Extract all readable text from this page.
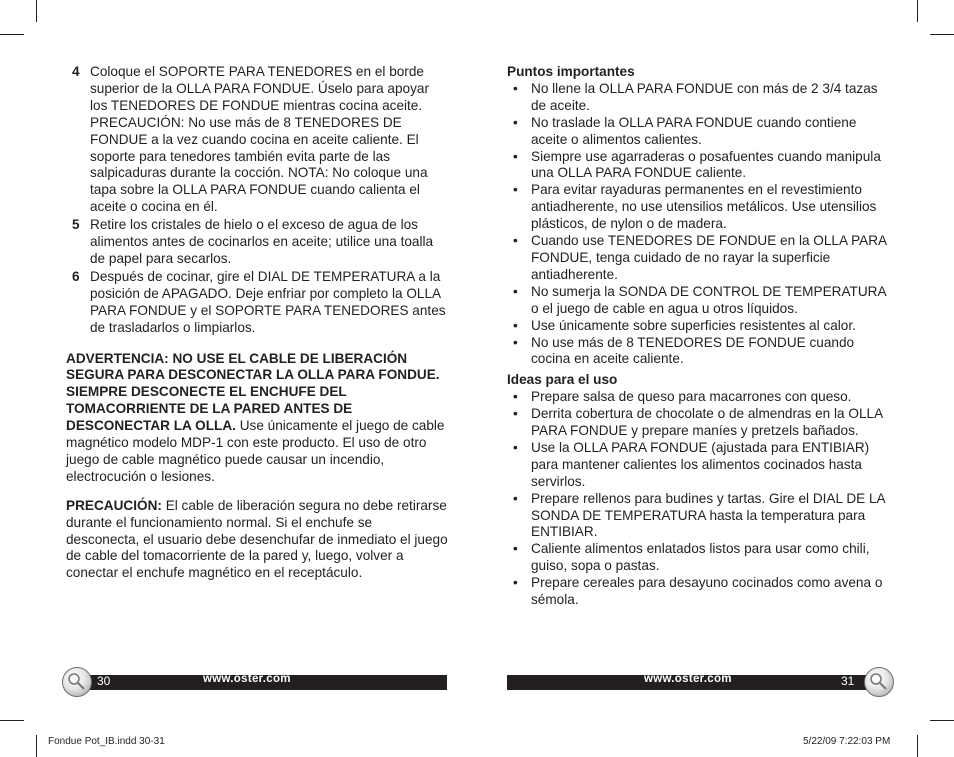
4 Coloque el SOPORTE PARA TENEDORES en el borde superior de la OLLA PARA FONDUE. Úselo para apoyar los TENEDORES DE FONDUE mientras cocina aceite. PRECAUCIÓN: No use más de 8 TENEDORES DE FONDUE a la vez cuando cocina en aceite caliente. El soporte para tenedores también evita parte de las salpicaduras durante la cocción. NOTA: No coloque una tapa sobre la OLLA PARA FONDUE cuando calienta el aceite o cocina en él.
5 Retire los cristales de hielo o el exceso de agua de los alimentos antes de cocinarlos en aceite; utilice una toalla de papel para secarlos.
6 Después de cocinar, gire el DIAL DE TEMPERATURA a la posición de APAGADO. Deje enfriar por completo la OLLA PARA FONDUE y el SOPORTE PARA TENEDORES antes de trasladarlos o limpiarlos.
ADVERTENCIA: NO USE EL CABLE DE LIBERACIÓN SEGURA PARA DESCONECTAR LA OLLA PARA FONDUE. SIEMPRE DESCONECTE EL ENCHUFE DEL TOMACORRIENTE DE LA PARED ANTES DE DESCONECTAR LA OLLA. Use únicamente el juego de cable magnético modelo MDP-1 con este producto. El uso de otro juego de cable magnético puede causar un incendio, electrocución o lesiones.
PRECAUCIÓN: El cable de liberación segura no debe retirarse durante el funcionamiento normal. Si el enchufe se desconecta, el usuario debe desenchufar de inmediato el juego de cable del tomacorriente de la pared y, luego, volver a conectar el enchufe magnético en el receptáculo.
Puntos importantes
• No llene la OLLA PARA FONDUE con más de 2 3/4 tazas de aceite.
• No traslade la OLLA PARA FONDUE cuando contiene aceite o alimentos calientes.
• Siempre use agarraderas o posafuentes cuando manipula una OLLA PARA FONDUE caliente.
• Para evitar rayaduras permanentes en el revestimiento antiadherente, no use utensilios metálicos. Use utensilios plásticos, de nylon o de madera.
• Cuando use TENEDORES DE FONDUE en la OLLA PARA FONDUE, tenga cuidado de no rayar la superficie antiadherente.
• No sumerja la SONDA DE CONTROL DE TEMPERATURA o el juego de cable en agua u otros líquidos.
• Use únicamente sobre superficies resistentes al calor.
• No use más de 8 TENEDORES DE FONDUE cuando cocina en aceite caliente.
Ideas para el uso
• Prepare salsa de queso para macarrones con queso.
• Derrita cobertura de chocolate o de almendras en la OLLA PARA FONDUE y prepare maníes y pretzels bañados.
• Use la OLLA PARA FONDUE (ajustada para ENTIBIAR) para mantener calientes los alimentos cocinados hasta servirlos.
• Prepare rellenos para budines y tartas. Gire el DIAL DE LA SONDA DE TEMPERATURA hasta la temperatura para ENTIBIAR.
• Caliente alimentos enlatados listos para usar como chili, guiso, sopa o pastas.
• Prepare cereales para desayuno cocinados como avena o sémola.
30	www.oster.com	www.oster.com	31
Fondue Pot_IB.indd 30-31	5/22/09 7:22:03 PM
